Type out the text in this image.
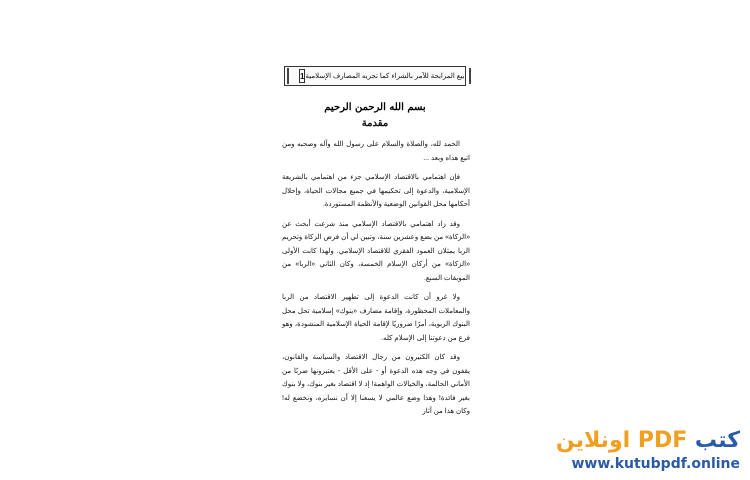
1 بيع المرابحة للآمر بالشراء كما تجريه المصارف الإسلامية
بسم الله الرحمن الرحيم
مقدمة

الحمد لله، والصلاة والسلام على رسول الله وآله وصحبه ومن اتبع هداه وبعد ...

فإن اهتمامي بالاقتصاد الإسلامي جزء من اهتمامي بالشريعة الإسلامية، والدعوة إلى تحكيمها في جميع مجالات الحياة، وإحلال أحكامها محل القوانين الوضعية والأنظمة المستوردة.

وقد زاد اهتمامي بالاقتصاد الإسلامي منذ شرعت أبحث عن «الزكاة» من بضع وعشرين سنة، وتبين لي أن فرض الزكاة وتحريم الربا يمثلان العمود الفقري للاقتصاد الإسلامي. ولهذا كانت الأولى «الزكاة» من أركان الإسلام الخمسة، وكان الثاني «الربا» من الموبقات السبع.

ولا غرو أن كانت الدعوة إلى تطهير الاقتصاد من الربا والمعاملات المحظورة، وإقامة مصارف «بنوك» إسلامية تحل محل البنوك الربوية، أمرًا ضروريًا لإقامة الحياة الإسلامية المنشودة، وهو فرع من دعوتنا إلى الإسلام كله.

وقد كان الكثيرون من رجال الاقتصاد والسياسة والقانون، يقفون في وجه هذه الدعوة أو - على الأقل - يعتبرونها ضربًا من الأماني الحالمة، والخيالات الواهمة! إذ لا اقتصاد بغير بنوك، ولا بنوك بغير فائدة! وهذا وضع عالمي لا يسعنا إلا أن نسايره، ونخضع له! وكان هذا من آثار

كتب PDF اونلاين
www.kutubpdf.online
